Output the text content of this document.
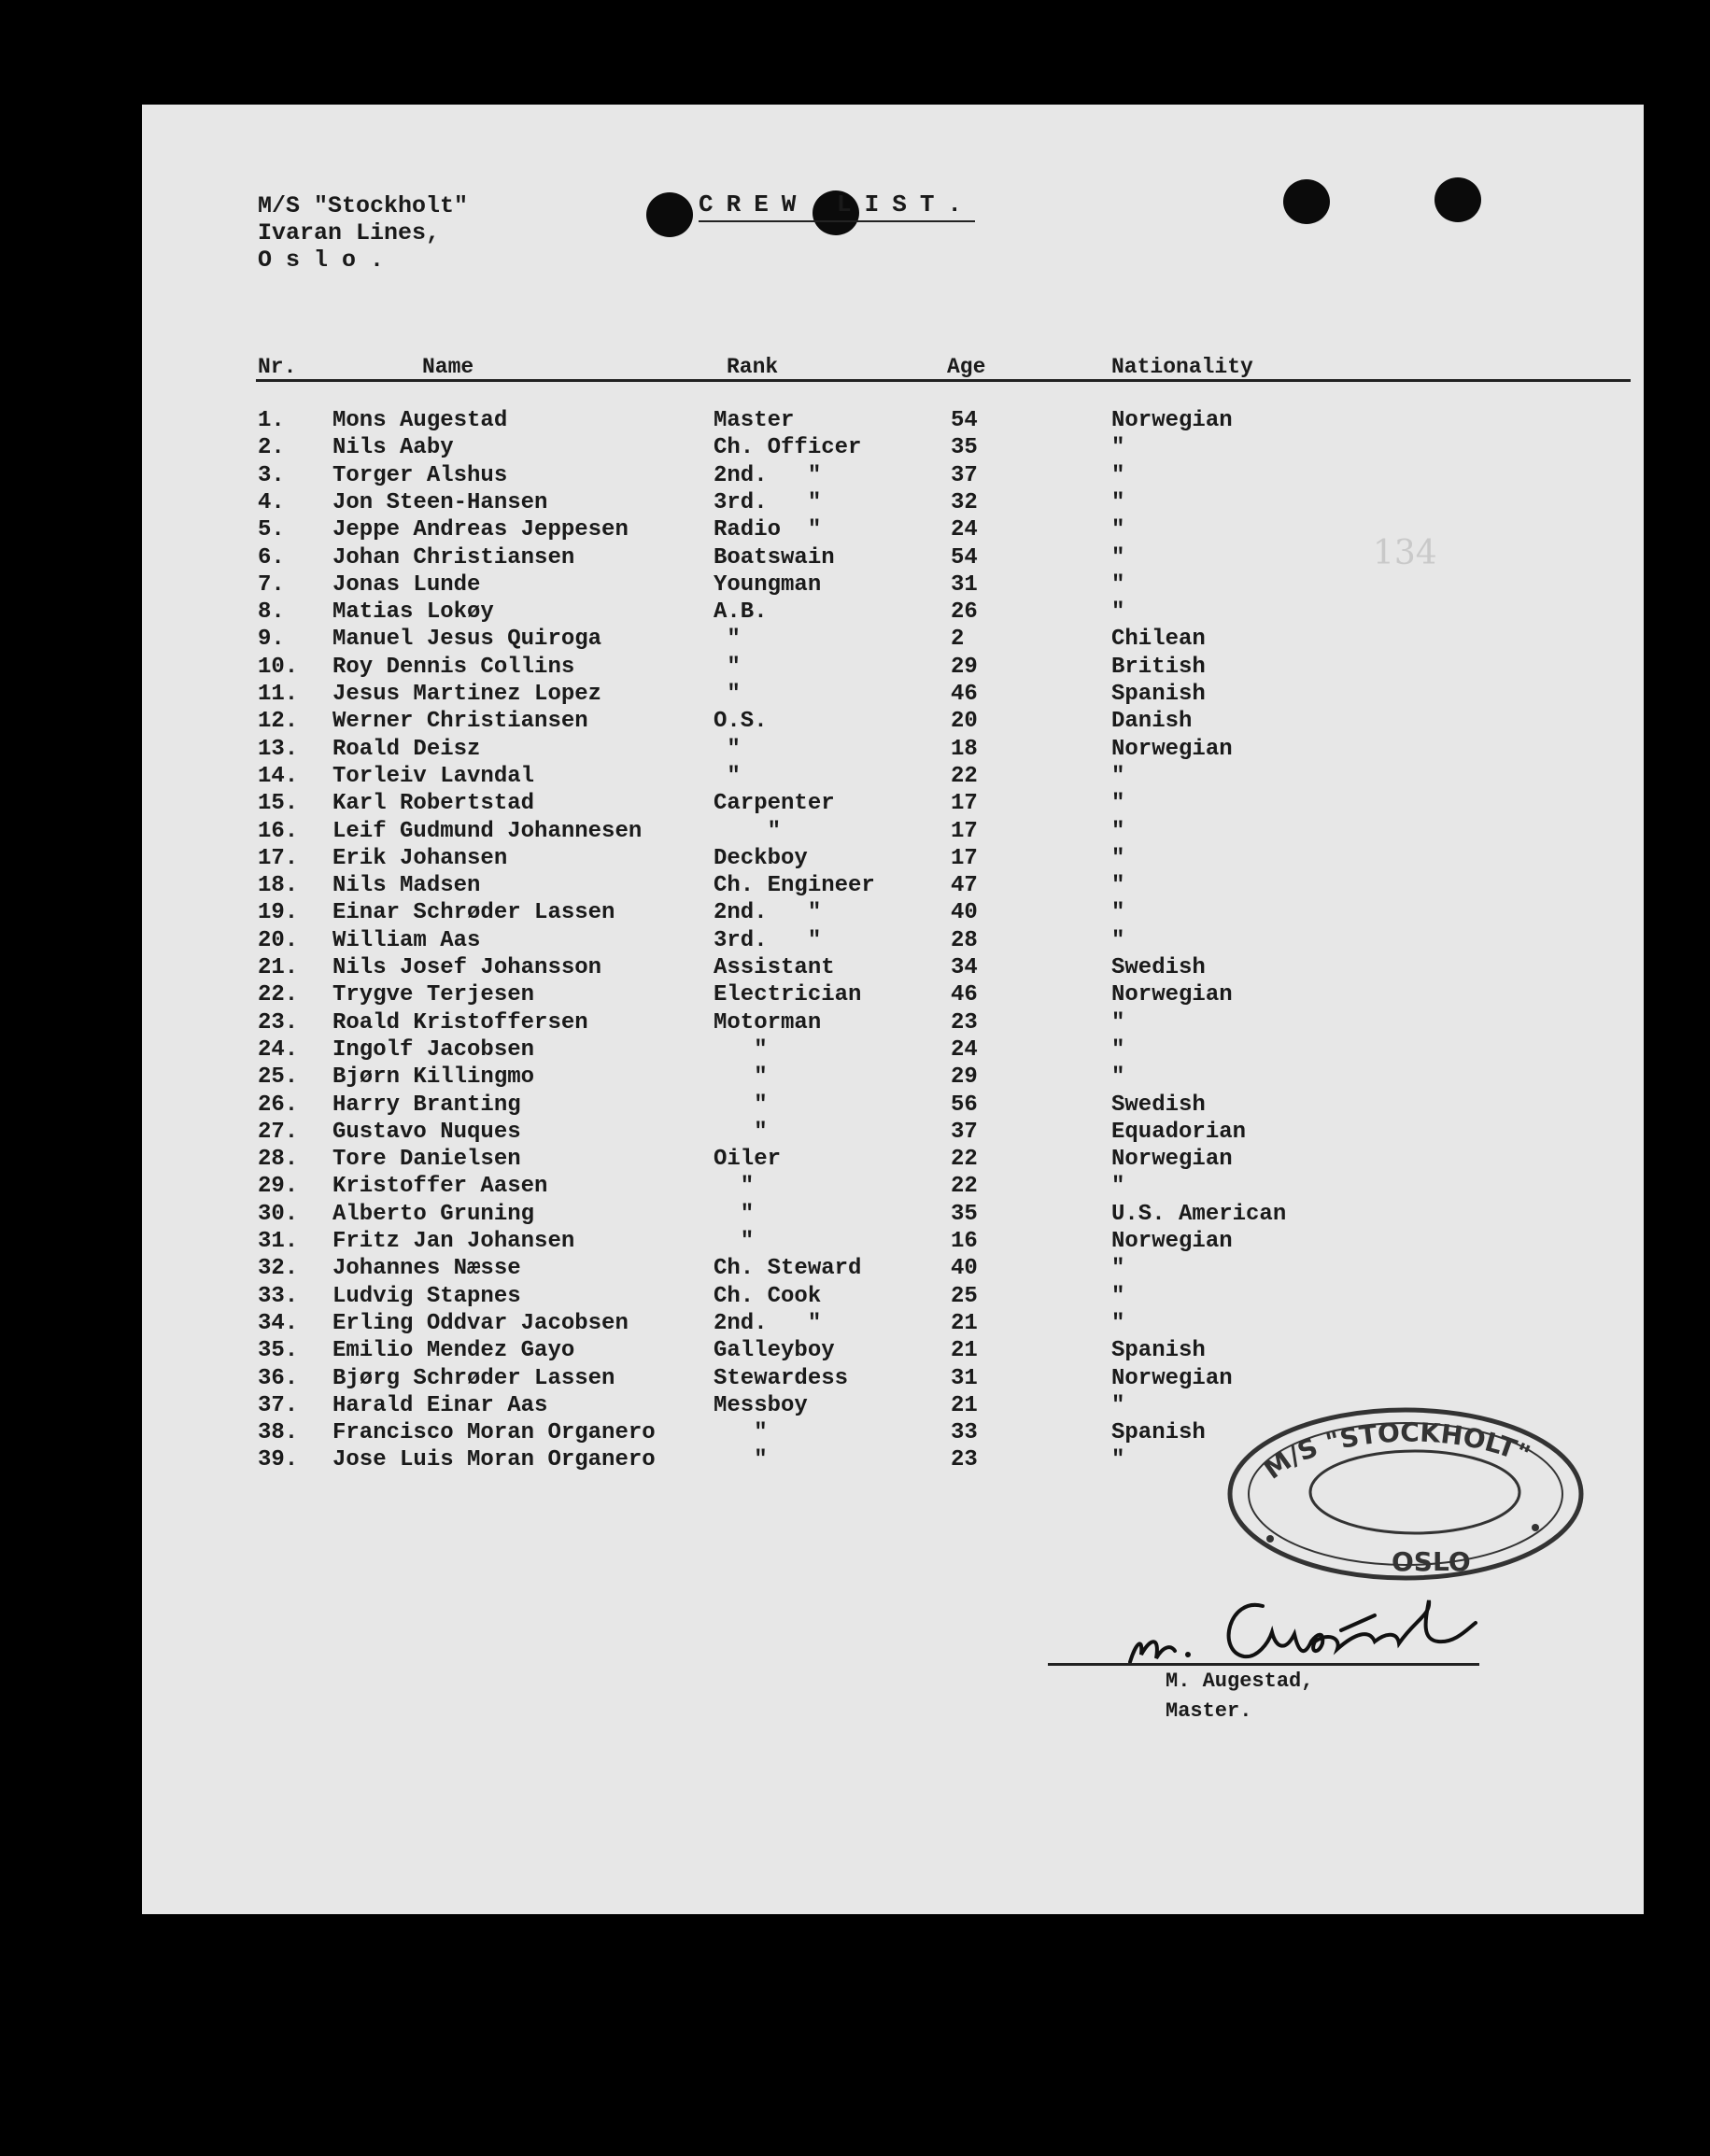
M/S "Stockholt"
Ivaran Lines,
O s l o .
CREW LIST.
134
Nr.	Name	Rank	Age	Nationality
1.	Mons Augestad	Master	54	Norwegian
2.	Nils Aaby	Ch. Officer	35	"
3.	Torger Alshus	2nd.   "	37	"
4.	Jon Steen-Hansen	3rd.   "	32	"
5.	Jeppe Andreas Jeppesen	Radio  "	24	"
6.	Johan Christiansen	Boatswain	54	"
7.	Jonas Lunde	Youngman	31	"
8.	Matias Lokøy	A.B.	26	"
9.	Manuel Jesus Quiroga	"	2	Chilean
10.	Roy Dennis Collins	"	29	British
11.	Jesus Martinez Lopez	"	46	Spanish
12.	Werner Christiansen	O.S.	20	Danish
13.	Roald Deisz	"	18	Norwegian
14.	Torleiv Lavndal	"	22	"
15.	Karl Robertstad	Carpenter	17	"
16.	Leif Gudmund Johannesen	"	17	"
17.	Erik Johansen	Deckboy	17	"
18.	Nils Madsen	Ch. Engineer	47	"
19.	Einar Schrøder Lassen	2nd.   "	40	"
20.	William Aas	3rd.   "	28	"
21.	Nils Josef Johansson	Assistant	34	Swedish
22.	Trygve Terjesen	Electrician	46	Norwegian
23.	Roald Kristoffersen	Motorman	23	"
24.	Ingolf Jacobsen	"	24	"
25.	Bjørn Killingmo	"	29	"
26.	Harry Branting	"	56	Swedish
27.	Gustavo Nuques	"	37	Equadorian
28.	Tore Danielsen	Oiler	22	Norwegian
29.	Kristoffer Aasen	"	22	"
30.	Alberto Gruning	"	35	U.S. American
31.	Fritz Jan Johansen	"	16	Norwegian
32.	Johannes Næsse	Ch. Steward	40	"
33.	Ludvig Stapnes	Ch. Cook	25	"
34.	Erling Oddvar Jacobsen	2nd.   "	21	"
35.	Emilio Mendez Gayo	Galleyboy	21	Spanish
36.	Bjørg Schrøder Lassen	Stewardess	31	Norwegian
37.	Harald Einar Aas	Messboy	21	"
38.	Francisco Moran Organero	"	33	Spanish
39.	Jose Luis Moran Organero	"	23	"	M/S "STOCKHOLT"
OSLO
M. Augestad,
Master.
